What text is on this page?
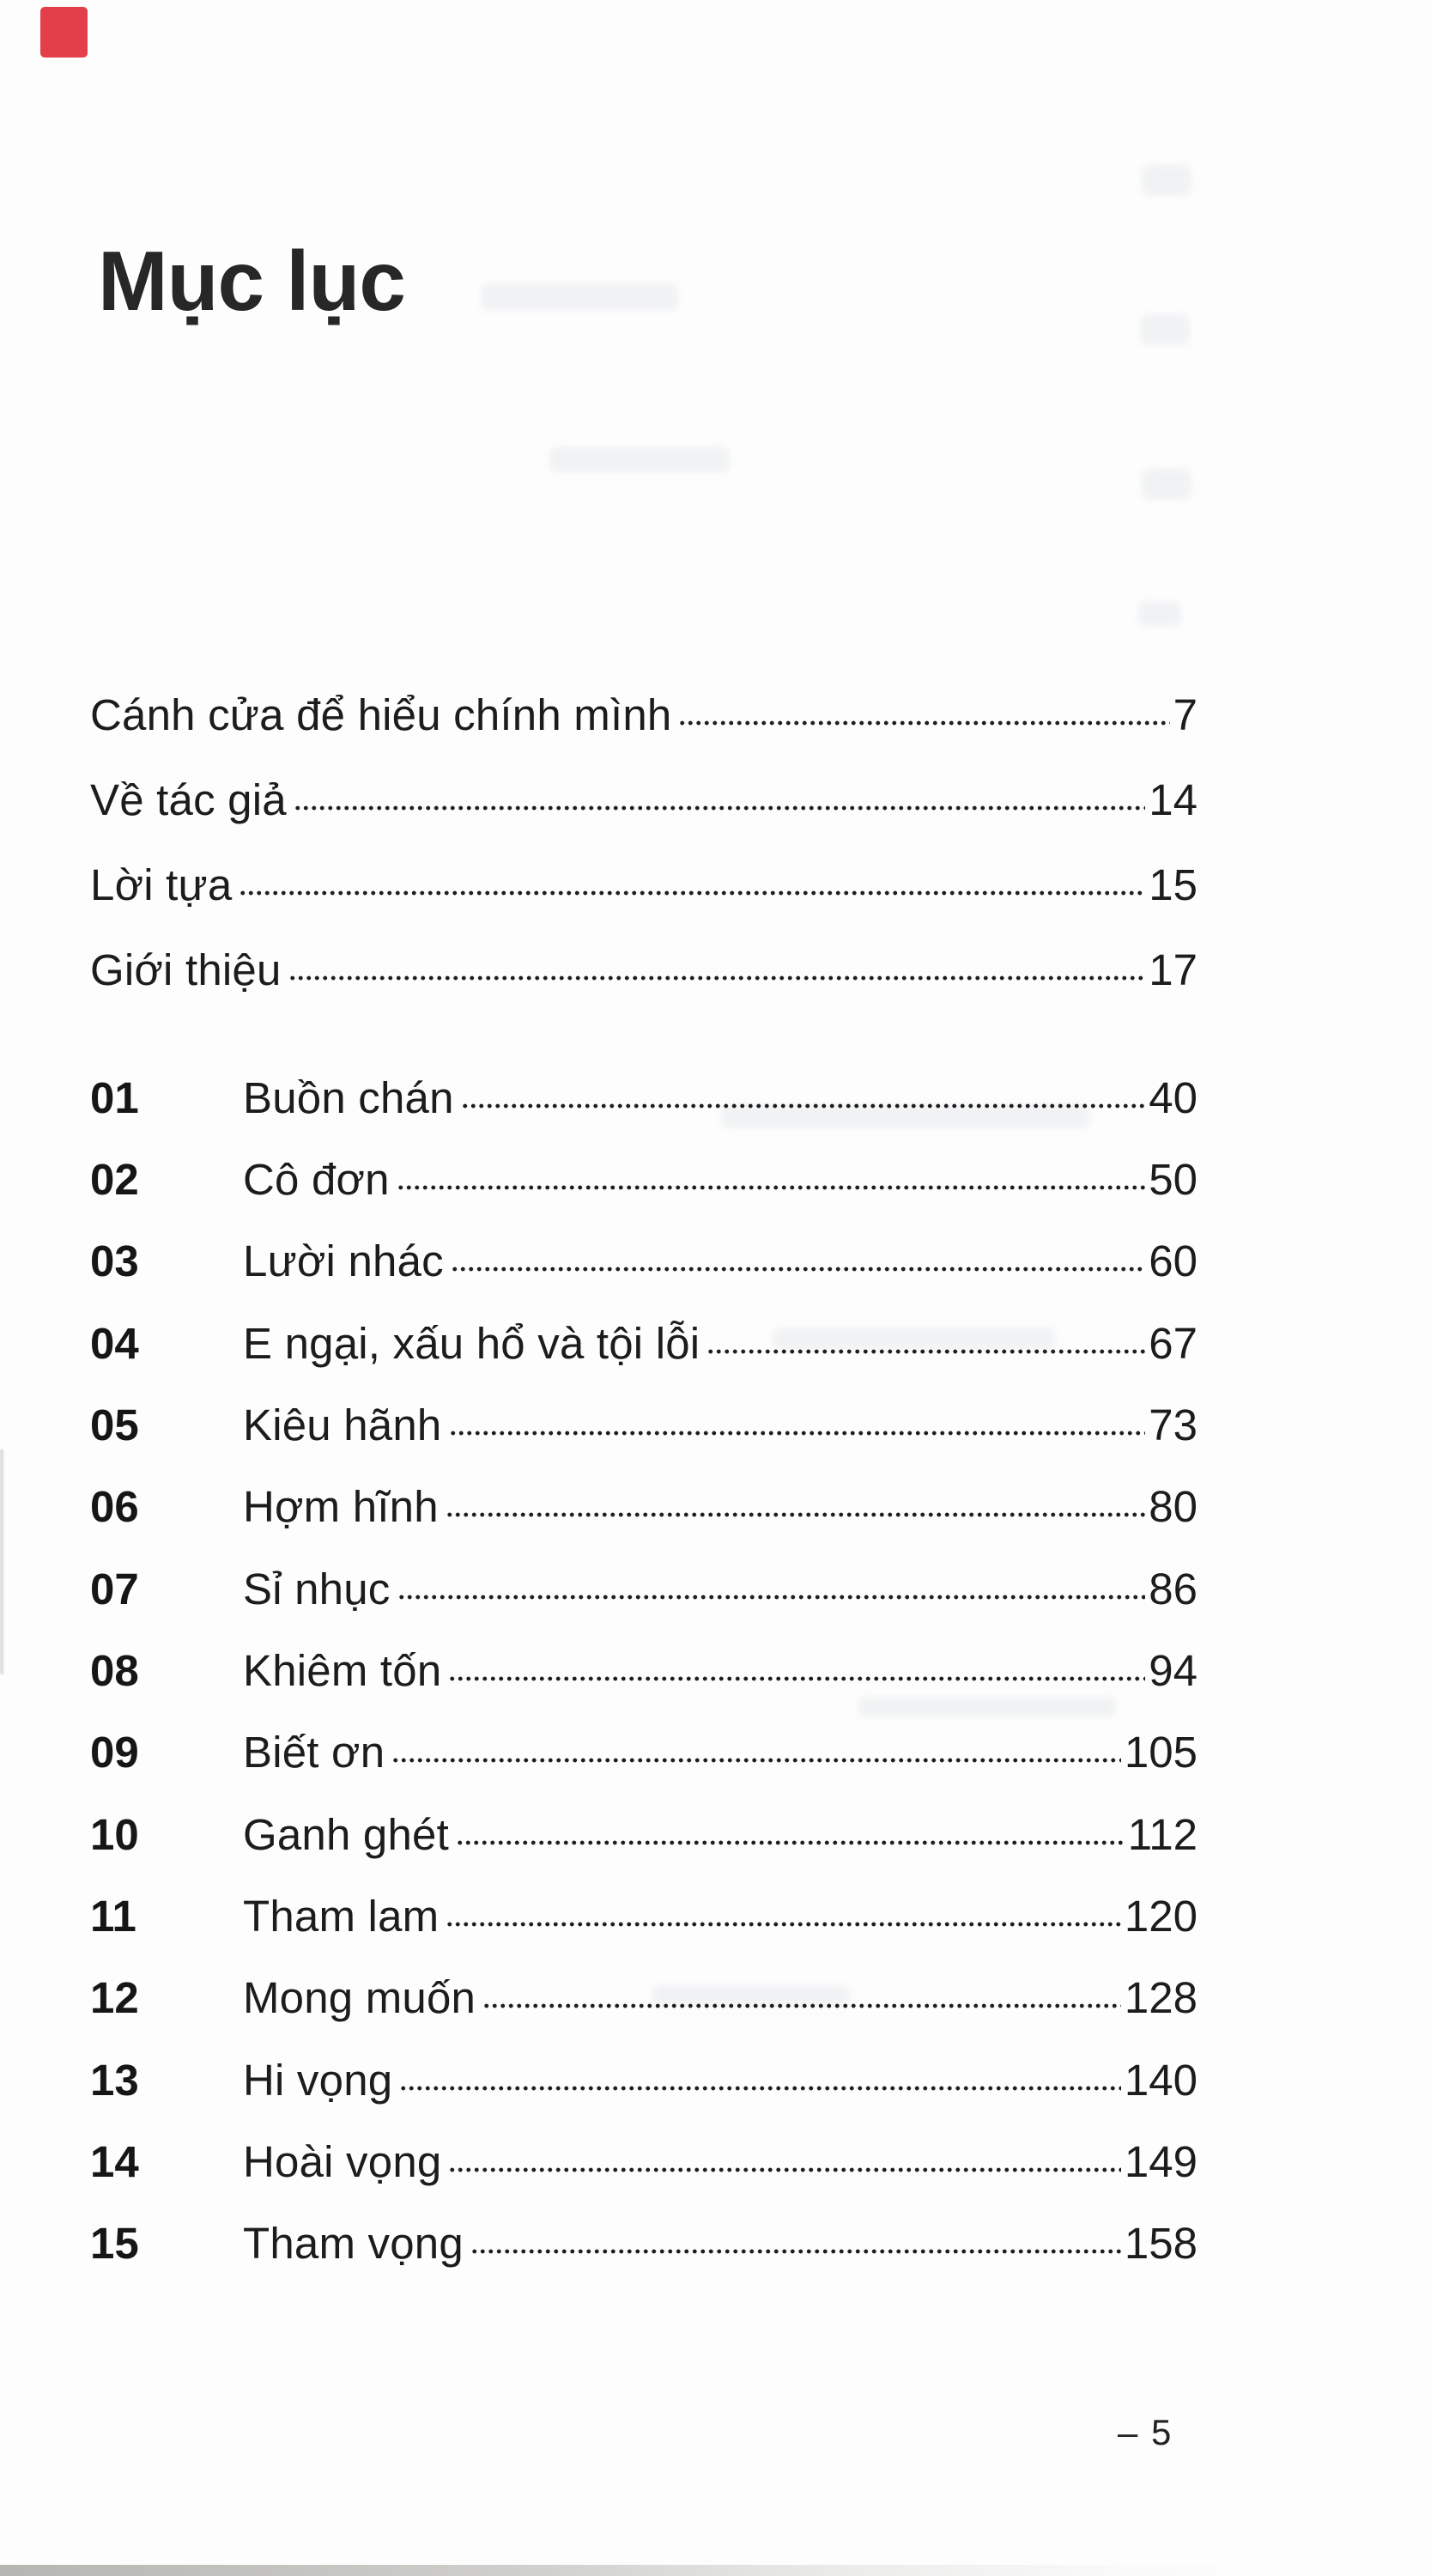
Mục lục
Cánh cửa để hiểu chính mình	7
Về tác giả	14
Lời tựa	15
Giới thiệu	17
01	Buồn chán	40
02	Cô đơn	50
03	Lười nhác	60
04	E ngại, xấu hổ và tội lỗi	67
05	Kiêu hãnh	73
06	Hợm hĩnh	80
07	Sỉ nhục	86
08	Khiêm tốn	94
09	Biết ơn	105
10	Ganh ghét	112
11	Tham lam	120
12	Mong muốn	128
13	Hi vọng	140
14	Hoài vọng	149
15	Tham vọng	158
– 5
